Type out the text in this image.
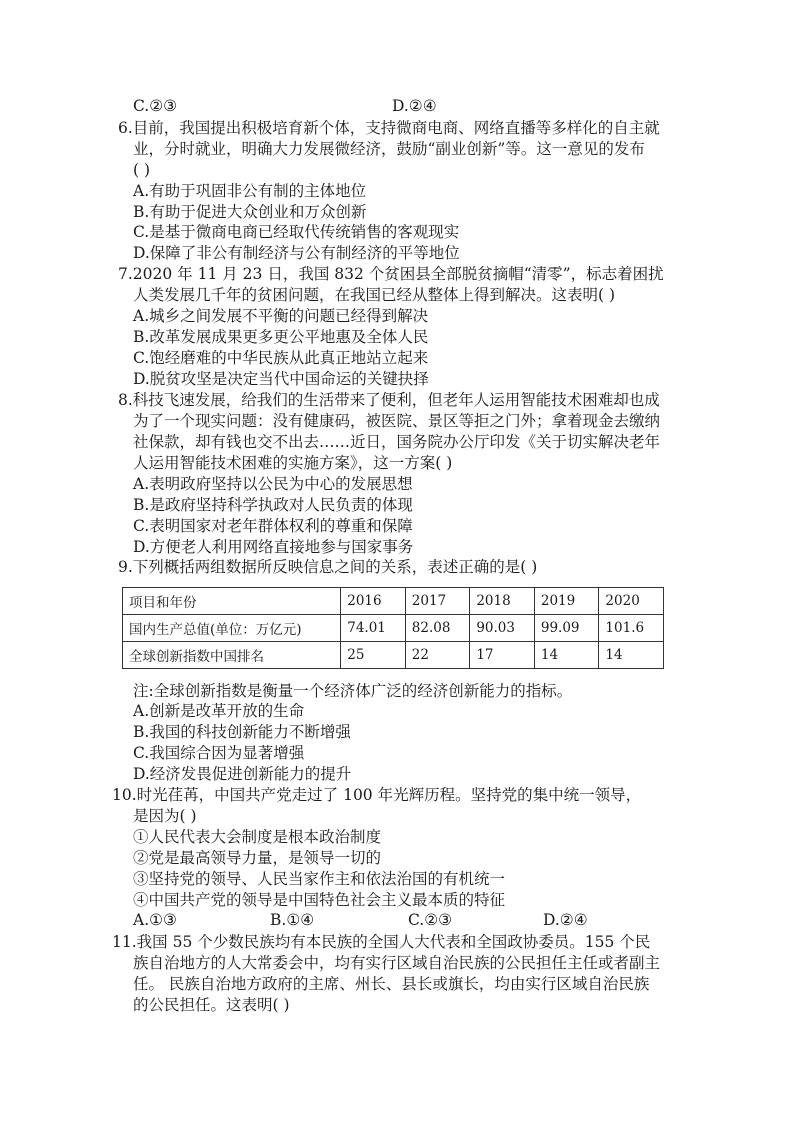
C.②③	D.②④
6.目前，我国提出积极培育新个体，支持微商电商、网络直播等多样化的自主就
业，分时就业，明确大力发展微经济，鼓励“副业创新”等。这一意见的发布
( )
A.有助于巩固非公有制的主体地位
B.有助于促进大众创业和万众创新
C.是基于微商电商已经取代传统销售的客观现实
D.保障了非公有制经济与公有制经济的平等地位
7.2020 年 11 月 23 日，我国 832 个贫困县全部脱贫摘帽“清零”，标志着困扰
人类发展几千年的贫困问题，在我国已经从整体上得到解决。这表明( )
A.城乡之间发展不平衡的问题已经得到解决
B.改革发展成果更多更公平地惠及全体人民
C.饱经磨难的中华民族从此真正地站立起来
D.脱贫攻坚是决定当代中国命运的关键抉择
8.科技飞速发展，给我们的生活带来了便利，但老年人运用智能技术困难却也成
为了一个现实问题：没有健康码，被医院、景区等拒之门外；拿着现金去缴纳
社保款，却有钱也交不出去……近日，国务院办公厅印发《关于切实解决老年
人运用智能技术困难的实施方案》，这一方案( )
A.表明政府坚持以公民为中心的发展思想
B.是政府坚持科学执政对人民负责的体现
C.表明国家对老年群体权利的尊重和保障
D.方便老人利用网络直接地参与国家事务
9.下列概括两组数据所反映信息之间的关系，表述正确的是( )
项目和年份	2016	2017	2018	2019	2020
国内生产总值(单位：万亿元)	74.01	82.08	90.03	99.09	101.6
全球创新指数中国排名	25	22	17	14	14
注:全球创新指数是衡量一个经济体广泛的经济创新能力的指标。
A.创新是改革开放的生命
B.我国的科技创新能力不断增强
C.我国综合因为显著增强
D.经济发畏促进创新能力的提升
10.时光荏苒，中国共产党走过了 100 年光辉历程。坚持党的集中统一领导，
是因为( )
①人民代表大会制度是根本政治制度
②党是最高领导力量，是领导一切的
③坚持党的领导、人民当家作主和依法治国的有机统一
④中国共产党的领导是中国特色社会主义最本质的特征
A.①③	B.①④	C.②③	D.②④
11.我国 55 个少数民族均有本民族的全国人大代表和全国政协委员。155 个民
族自治地方的人大常委会中，均有实行区域自治民族的公民担任主任或者副主
任。 民族自治地方政府的主席、州长、县长或旗长，均由实行区域自治民族
的公民担任。这表明( )
